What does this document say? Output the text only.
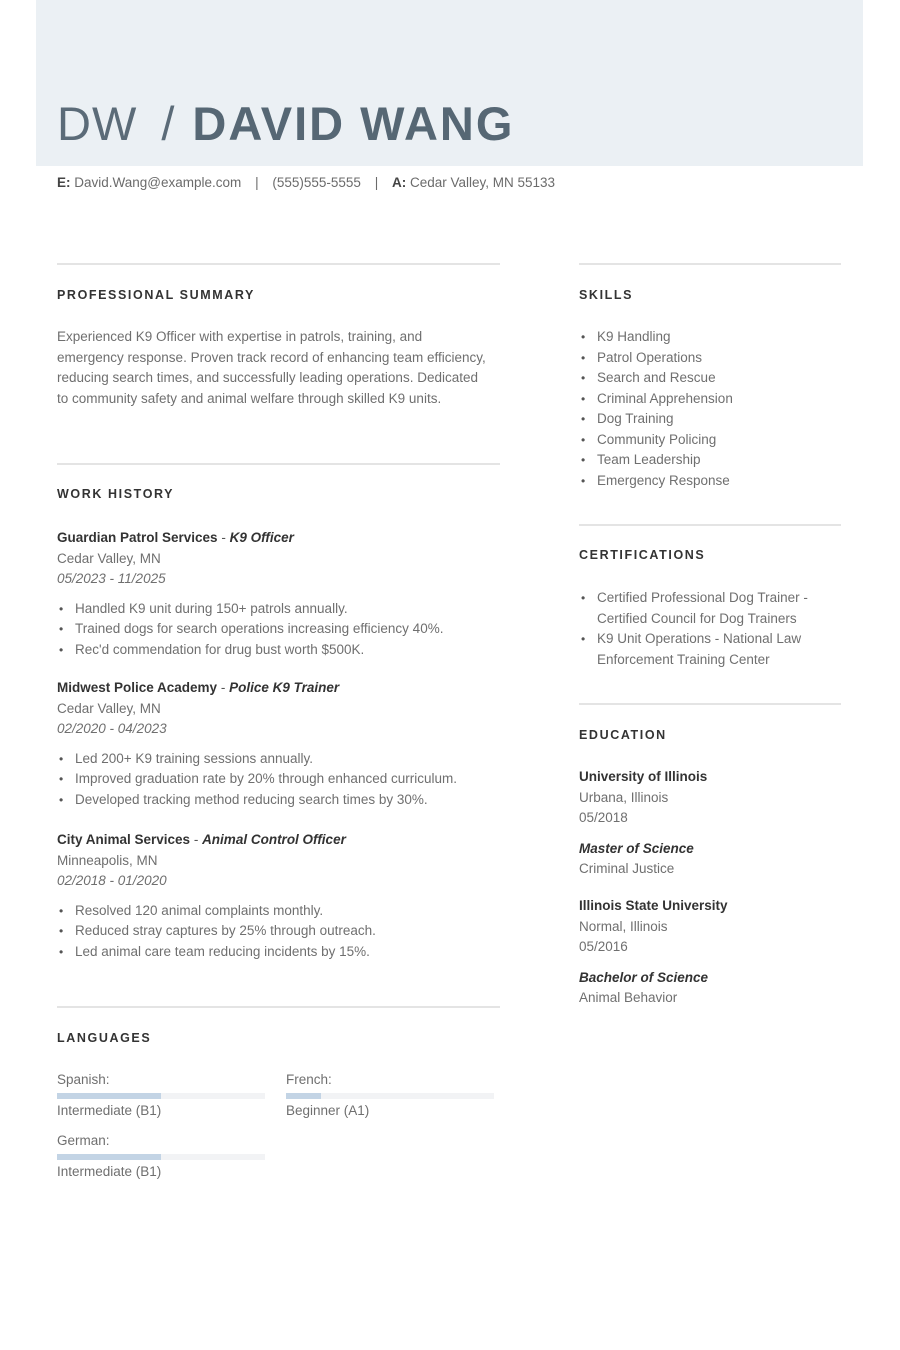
DW / DAVID WANG
E: David.Wang@example.com | (555)555-5555 | A: Cedar Valley, MN 55133
PROFESSIONAL SUMMARY
Experienced K9 Officer with expertise in patrols, training, and emergency response. Proven track record of enhancing team efficiency, reducing search times, and successfully leading operations. Dedicated to community safety and animal welfare through skilled K9 units.
WORK HISTORY
Guardian Patrol Services - K9 Officer
Cedar Valley, MN
05/2023 - 11/2025
• Handled K9 unit during 150+ patrols annually.
• Trained dogs for search operations increasing efficiency 40%.
• Rec'd commendation for drug bust worth $500K.
Midwest Police Academy - Police K9 Trainer
Cedar Valley, MN
02/2020 - 04/2023
• Led 200+ K9 training sessions annually.
• Improved graduation rate by 20% through enhanced curriculum.
• Developed tracking method reducing search times by 30%.
City Animal Services - Animal Control Officer
Minneapolis, MN
02/2018 - 01/2020
• Resolved 120 animal complaints monthly.
• Reduced stray captures by 25% through outreach.
• Led animal care team reducing incidents by 15%.
LANGUAGES
Spanish:
Intermediate (B1)
French:
Beginner (A1)
German:
Intermediate (B1)
SKILLS
• K9 Handling
• Patrol Operations
• Search and Rescue
• Criminal Apprehension
• Dog Training
• Community Policing
• Team Leadership
• Emergency Response
CERTIFICATIONS
• Certified Professional Dog Trainer - Certified Council for Dog Trainers
• K9 Unit Operations - National Law Enforcement Training Center
EDUCATION
University of Illinois
Urbana, Illinois
05/2018
Master of Science
Criminal Justice
Illinois State University
Normal, Illinois
05/2016
Bachelor of Science
Animal Behavior
